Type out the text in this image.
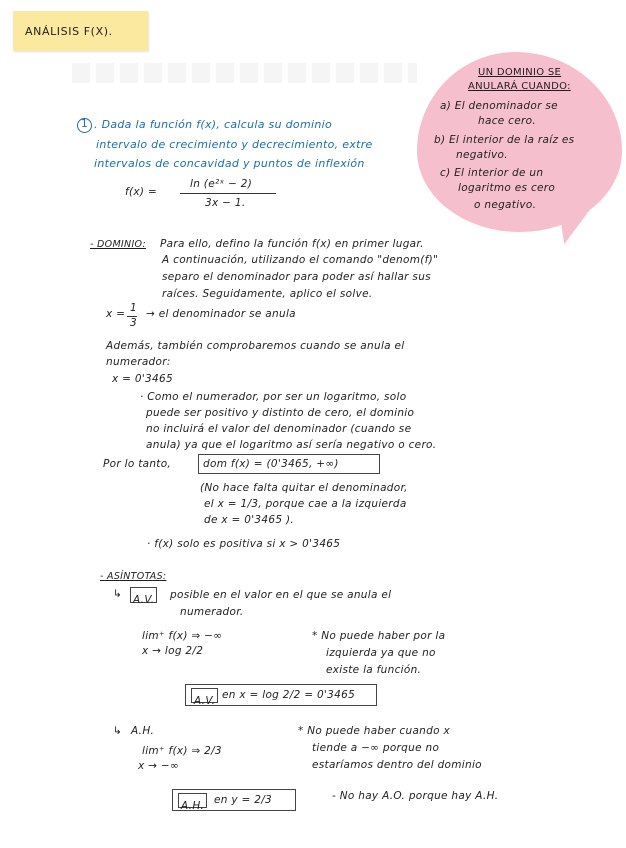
ANÁLISIS F(X).
UN DOMINIO SE
ANULARÁ CUANDO:
a) El denominador se
hace cero.
b) El interior de la raíz es
negativo.
c) El interior de un
logaritmo es cero
o negativo.
1 . Dada la función f(x), calcula su dominio
intervalo de crecimiento y decrecimiento, extre
intervalos de concavidad y puntos de inflexión
f(x) =
ln (e²ˣ − 2)
3x − 1.
- DOMINIO: Para ello, defino la función f(x) en primer lugar.
A continuación, utilizando el comando "denom(f)"
separo el denominador para poder así hallar sus
raíces. Seguidamente, aplico el solve.
x = 1
3
→ el denominador se anula
Además, también comprobaremos cuando se anula el
numerador:
x = 0'3465
· Como el numerador, por ser un logaritmo, solo
puede ser positivo y distinto de cero, el dominio
no incluirá el valor del denominador (cuando se
anula) ya que el logaritmo así sería negativo o cero.
Por lo tanto,	dom f(x) = (0'3465, +∞)
(No hace falta quitar el denominador,
el x = 1/3, porque cae a la izquierda
de x = 0'3465 ).
· f(x) solo es positiva si x > 0'3465
- ASÍNTOTAS:
↳ A.V. posible en el valor en el que se anula el
numerador.
lim⁺ f(x) ⇒ −∞
x → log 2/2
* No puede haber por la
izquierda ya que no
existe la función.
A.V. en x = log 2/2 = 0'3465
↳ A.H.
lim⁺ f(x) ⇒ 2/3
x → −∞
* No puede haber cuando x
tiende a −∞ porque no
estaríamos dentro del dominio
A.H. en y = 2/3	- No hay A.O. porque hay A.H.
